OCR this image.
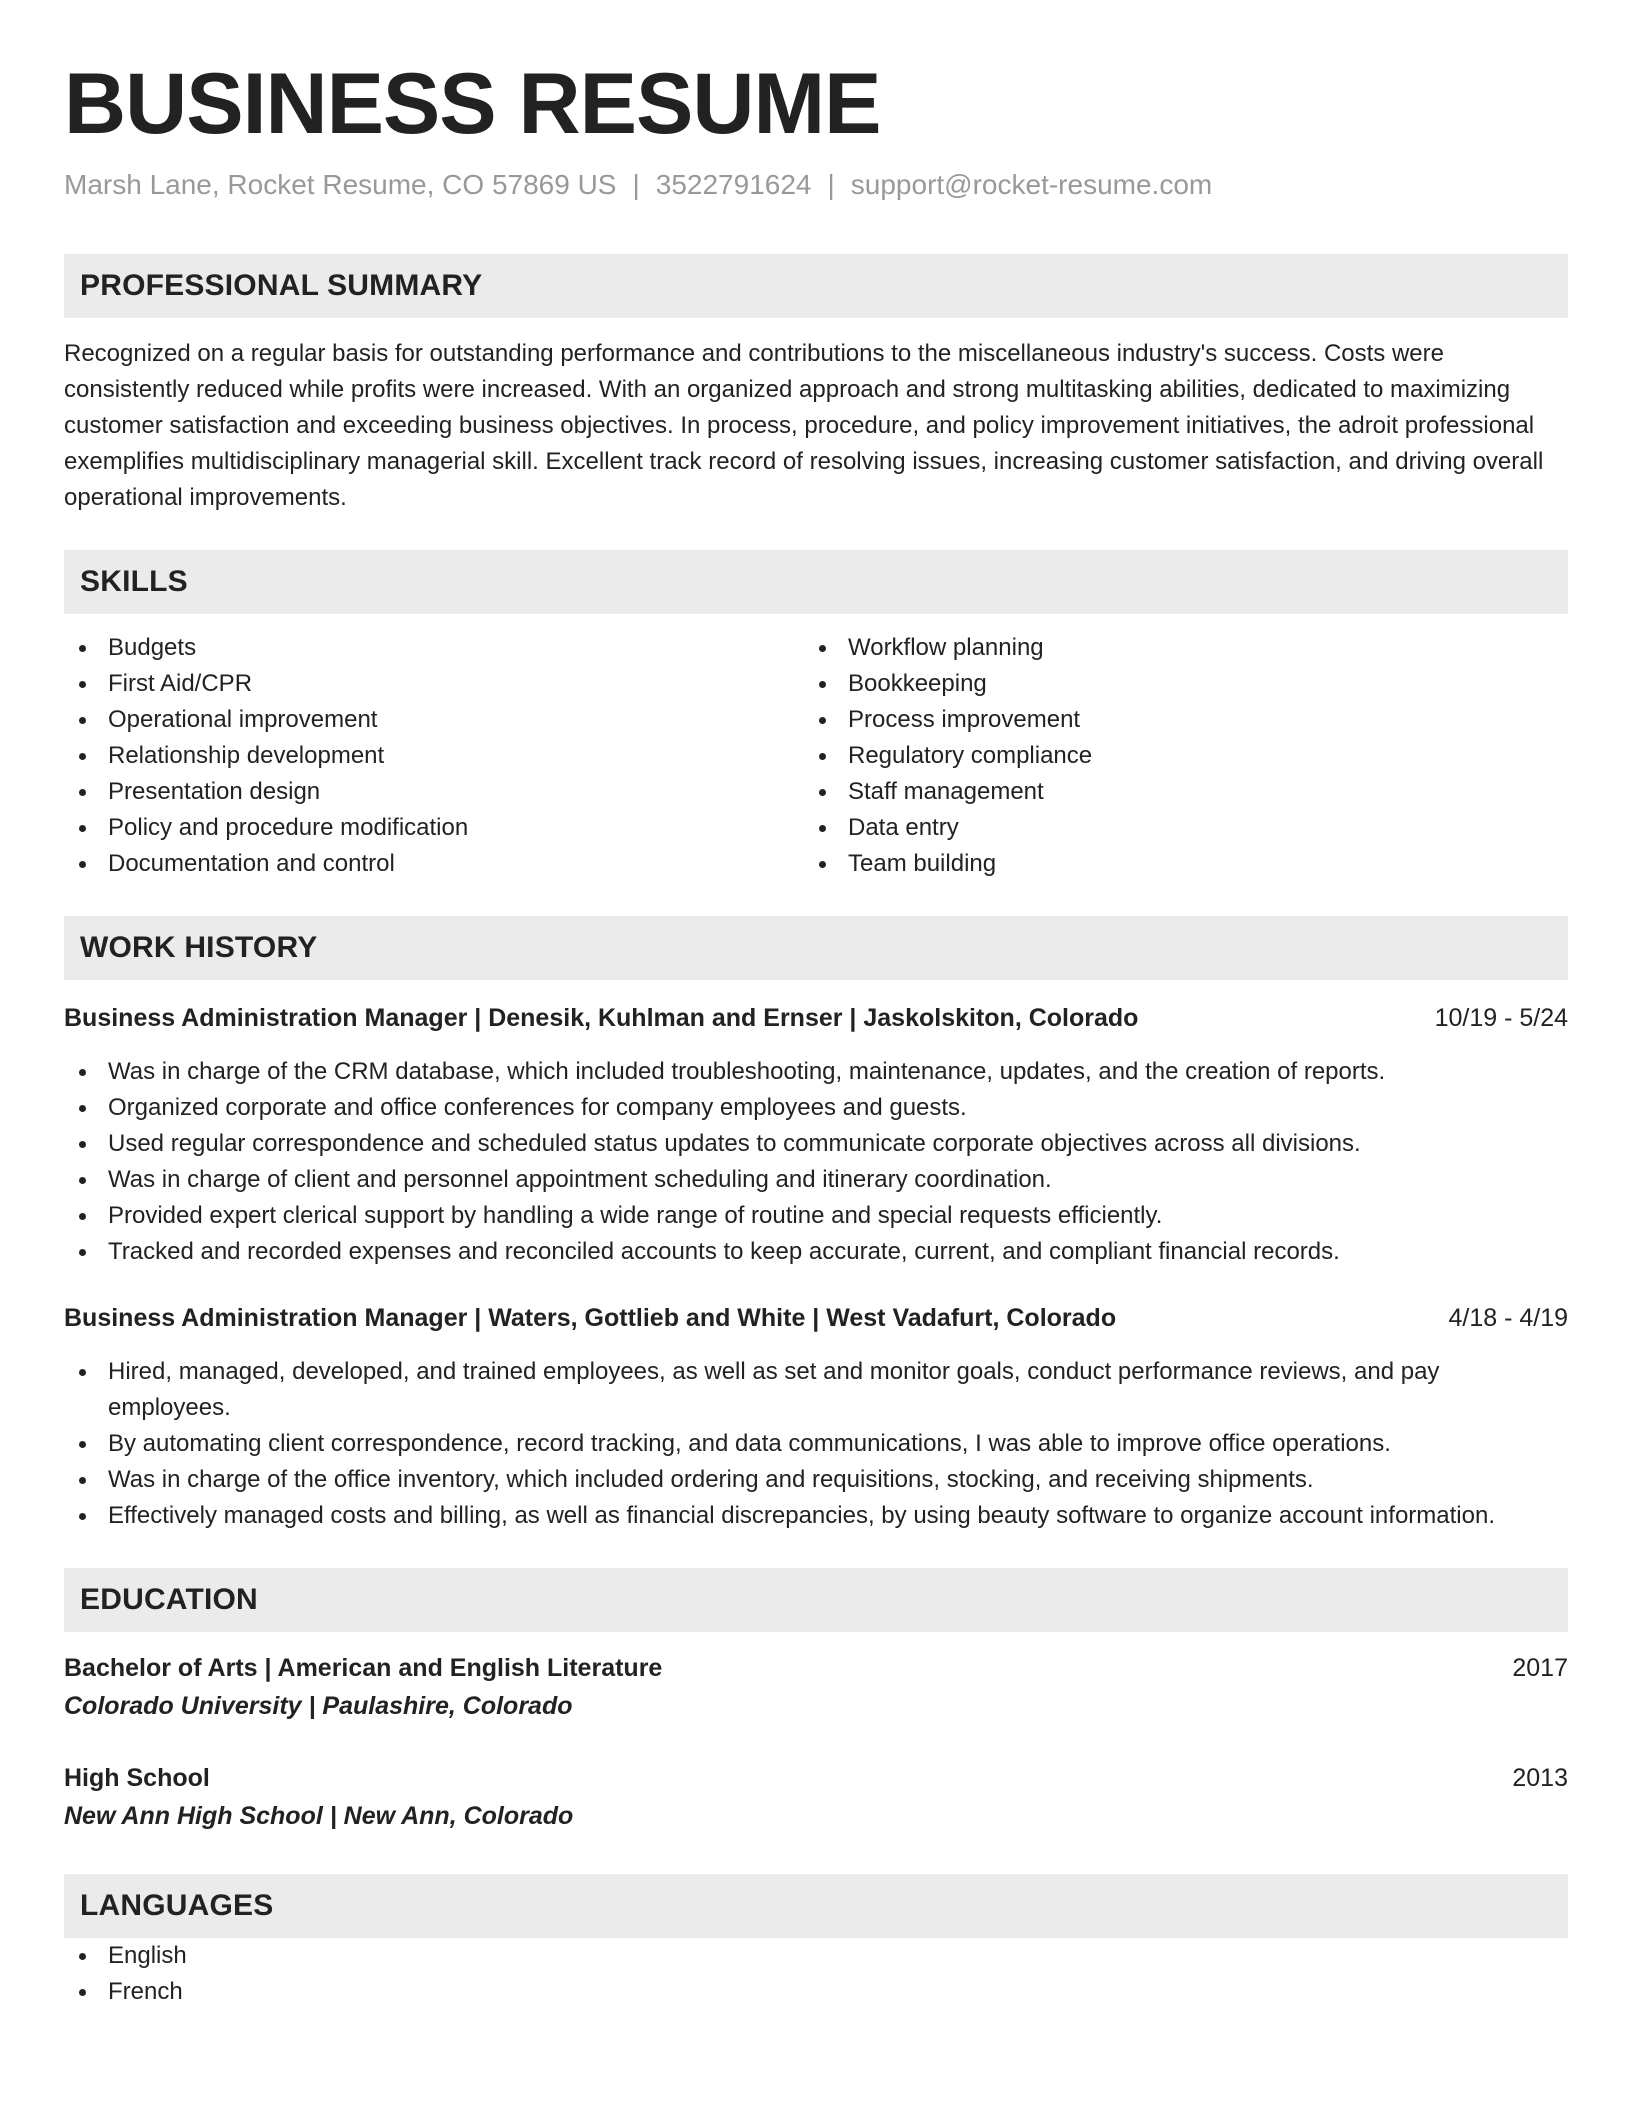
BUSINESS RESUME
Marsh Lane, Rocket Resume, CO 57869 US | 3522791624 | support@rocket-resume.com
PROFESSIONAL SUMMARY

Recognized on a regular basis for outstanding performance and contributions to the miscellaneous industry's success. Costs were consistently reduced while profits were increased. With an organized approach and strong multitasking abilities, dedicated to maximizing customer satisfaction and exceeding business objectives. In process, procedure, and policy improvement initiatives, the adroit professional exemplifies multidisciplinary managerial skill. Excellent track record of resolving issues, increasing customer satisfaction, and driving overall operational improvements.

SKILLS
Budgets
First Aid/CPR
Operational improvement
Relationship development
Presentation design
Policy and procedure modification
Documentation and control
Workflow planning
Bookkeeping
Process improvement
Regulatory compliance
Staff management
Data entry
Team building
WORK HISTORY
Business Administration Manager | Denesik, Kuhlman and Ernser | Jaskolskiton, Colorado	10/19 - 5/24
Was in charge of the CRM database, which included troubleshooting, maintenance, updates, and the creation of reports.
Organized corporate and office conferences for company employees and guests.
Used regular correspondence and scheduled status updates to communicate corporate objectives across all divisions.
Was in charge of client and personnel appointment scheduling and itinerary coordination.
Provided expert clerical support by handling a wide range of routine and special requests efficiently.
Tracked and recorded expenses and reconciled accounts to keep accurate, current, and compliant financial records.
Business Administration Manager | Waters, Gottlieb and White | West Vadafurt, Colorado	4/18 - 4/19
Hired, managed, developed, and trained employees, as well as set and monitor goals, conduct performance reviews, and pay employees.
By automating client correspondence, record tracking, and data communications, I was able to improve office operations.
Was in charge of the office inventory, which included ordering and requisitions, stocking, and receiving shipments.
Effectively managed costs and billing, as well as financial discrepancies, by using beauty software to organize account information.
EDUCATION
Bachelor of Arts | American and English Literature	2017
Colorado University | Paulashire, Colorado
High School	2013
New Ann High School | New Ann, Colorado
LANGUAGES
English
French
